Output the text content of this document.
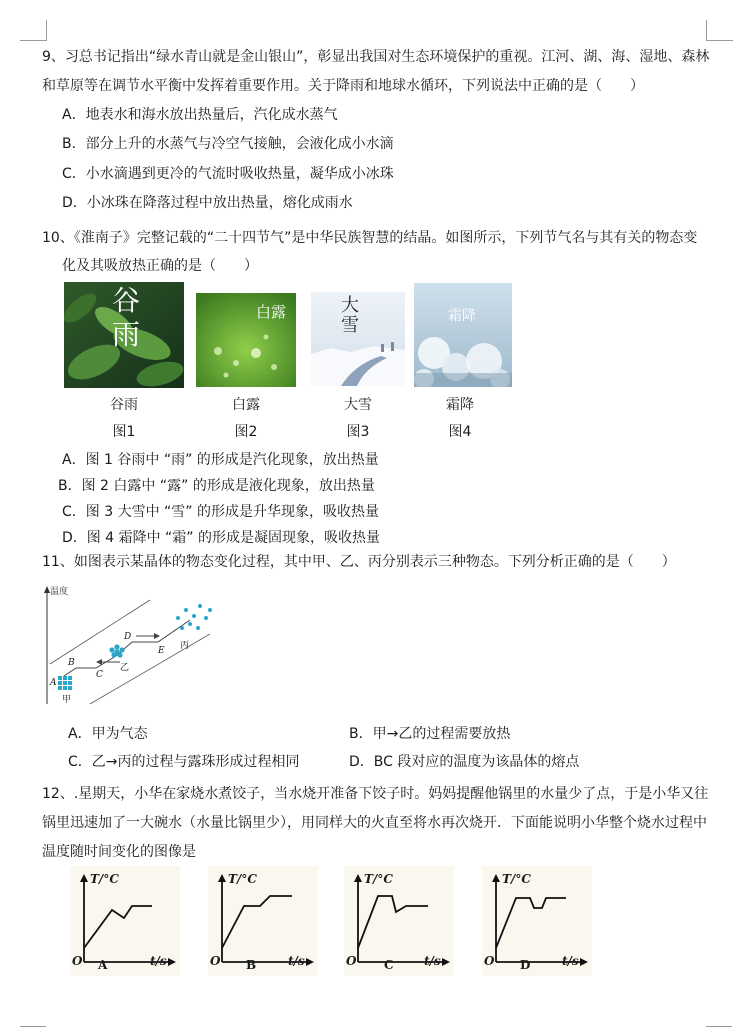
9、习总书记指出“绿水青山就是金山银山”，彰显出我国对生态环境保护的重视。江河、湖、海、湿地、森林
和草原等在调节水平衡中发挥着重要作用。关于降雨和地球水循环，下列说法中正确的是（　　）
A．地表水和海水放出热量后，汽化成水蒸气
B．部分上升的水蒸气与冷空气接触，会液化成小水滴
C．小水滴遇到更冷的气流时吸收热量，凝华成小冰珠
D．小冰珠在降落过程中放出热量，熔化成雨水
10、《淮南子》完整记载的“二十四节气”是中华民族智慧的结晶。如图所示，下列节气名与其有关的物态变
化及其吸放热正确的是（　　）
谷雨
谷雨
图1
白露
白露
图2
大雪
大雪
图3
霜降
霜降
图4
A．图 1 谷雨中 “雨” 的形成是汽化现象，放出热量
B．图 2 白露中 “露” 的形成是液化现象，放出热量
C．图 3 大雪中 “雪” 的形成是升华现象，吸收热量
D．图 4 霜降中 “霜” 的形成是凝固现象，吸收热量
11、如图表示某晶体的物态变化过程，其中甲、乙、丙分别表示三种物态。下列分析正确的是（　　）
温度
A
B
C
D
E
甲
乙
丙
A．甲为气态	B．甲→乙的过程需要放热
C．乙→丙的过程与露珠形成过程相同	D．BC 段对应的温度为该晶体的熔点
12、.星期天，小华在家烧水煮饺子，当水烧开准备下饺子时。妈妈提醒他锅里的水量少了点，于是小华又往
锅里迅速加了一大碗水（水量比锅里少），用同样大的火直至将水再次烧开．下面能说明小华整个烧水过程中
温度随时间变化的图像是
T/°C
O	t/s
A
T/°C
O	t/s
B
T/°C
O	t/s
C
T/°C
O	t/s
D
